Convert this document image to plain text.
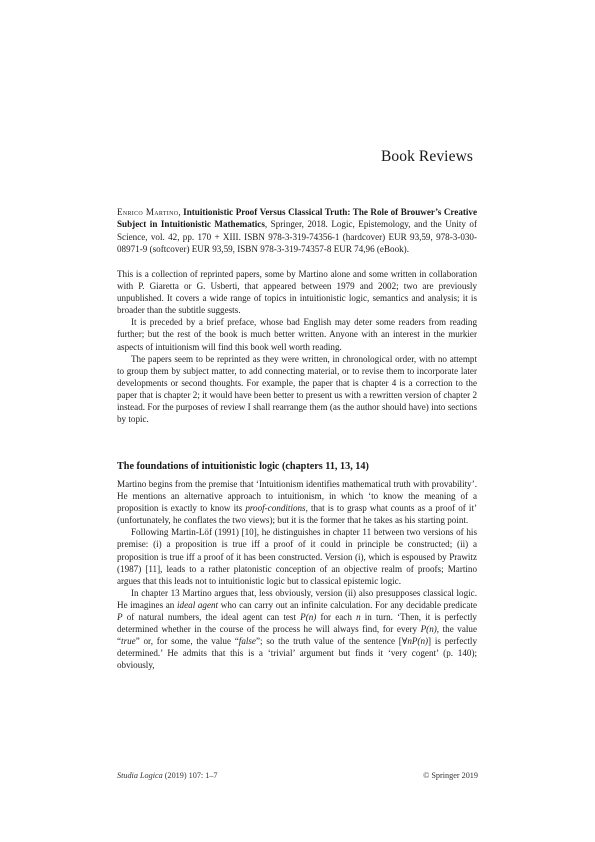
Book Reviews
Enrico Martino, Intuitionistic Proof Versus Classical Truth: The Role of Brouwer’s Creative Subject in Intuitionistic Mathematics, Springer, 2018. Logic, Epistemology, and the Unity of Science, vol. 42, pp. 170 + XIII. ISBN 978-3-319-74356-1 (hardcover) EUR 93,59, 978-3-030-08971-9 (softcover) EUR 93,59, ISBN 978-3-319-74357-8 EUR 74,96 (eBook).

This is a collection of reprinted papers, some by Martino alone and some written in collaboration with P. Giaretta or G. Usberti, that appeared between 1979 and 2002; two are previously unpublished. It covers a wide range of topics in intuitionistic logic, semantics and analysis; it is broader than the subtitle suggests.

It is preceded by a brief preface, whose bad English may deter some readers from reading further; but the rest of the book is much better written. Anyone with an interest in the murkier aspects of intuitionism will find this book well worth reading.

The papers seem to be reprinted as they were written, in chronological order, with no attempt to group them by subject matter, to add connecting material, or to revise them to incorporate later developments or second thoughts. For example, the paper that is chapter 4 is a correction to the paper that is chapter 2; it would have been better to present us with a rewritten version of chapter 2 instead. For the purposes of review I shall rearrange them (as the author should have) into sections by topic.

The foundations of intuitionistic logic (chapters 11, 13, 14)

Martino begins from the premise that ‘Intuitionism identifies mathematical truth with provability’. He mentions an alternative approach to intuitionism, in which ‘to know the meaning of a proposition is exactly to know its proof-conditions, that is to grasp what counts as a proof of it’ (unfortunately, he conflates the two views); but it is the former that he takes as his starting point.

Following Martin-Löf (1991) [10], he distinguishes in chapter 11 between two versions of his premise: (i) a proposition is true iff a proof of it could in principle be constructed; (ii) a proposition is true iff a proof of it has been constructed. Version (i), which is espoused by Prawitz (1987) [11], leads to a rather platonistic conception of an objective realm of proofs; Martino argues that this leads not to intuitionistic logic but to classical epistemic logic.

In chapter 13 Martino argues that, less obviously, version (ii) also presupposes classical logic. He imagines an ideal agent who can carry out an infinite calculation. For any decidable predicate P of natural numbers, the ideal agent can test P(n) for each n in turn. ‘Then, it is perfectly determined whether in the course of the process he will always find, for every P(n), the value “true” or, for some, the value “false”; so the truth value of the sentence [∀nP(n)] is perfectly determined.’ He admits that this is a ‘trivial’ argument but finds it ‘very cogent’ (p. 140); obviously,

Studia Logica (2019) 107: 1–7	© Springer 2019
